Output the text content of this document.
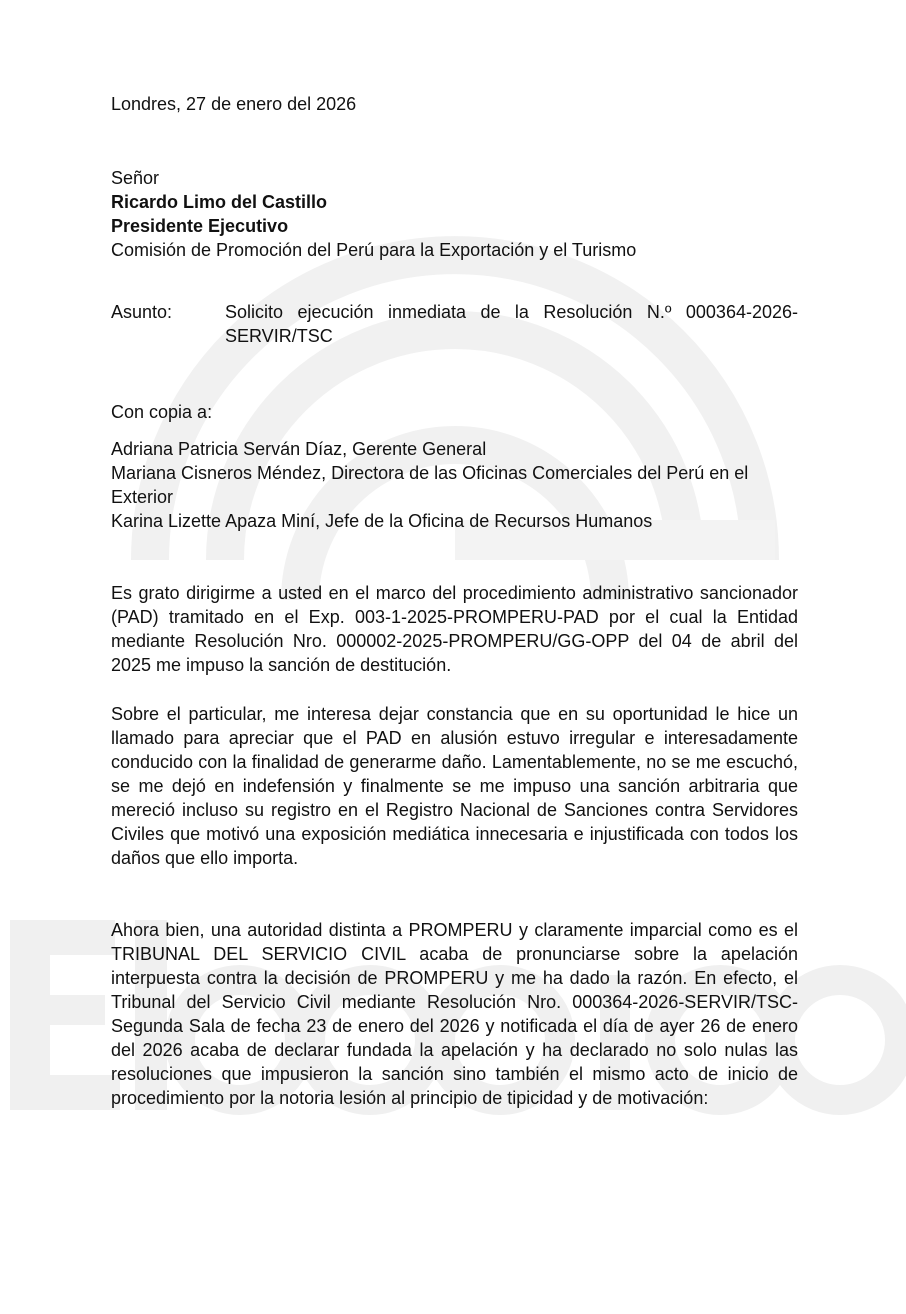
Londres, 27 de enero del 2026
Señor
Ricardo Limo del Castillo
Presidente Ejecutivo
Comisión de Promoción del Perú para la Exportación y el Turismo
Asunto:	Solicito ejecución inmediata de la Resolución N.º 000364-2026-SERVIR/TSC
Con copia a:
Adriana Patricia Serván Díaz, Gerente General
Mariana Cisneros Méndez, Directora de las Oficinas Comerciales del Perú en el Exterior
Karina Lizette Apaza Miní, Jefe de la Oficina de Recursos Humanos
Es grato dirigirme a usted en el marco del procedimiento administrativo sancionador (PAD) tramitado en el Exp. 003-1-2025-PROMPERU-PAD por el cual la Entidad mediante Resolución Nro. 000002-2025-PROMPERU/GG-OPP del 04 de abril del 2025 me impuso la sanción de destitución.
Sobre el particular, me interesa dejar constancia que en su oportunidad le hice un llamado para apreciar que el PAD en alusión estuvo irregular e interesadamente conducido con la finalidad de generarme daño. Lamentablemente, no se me escuchó, se me dejó en indefensión y finalmente se me impuso una sanción arbitraria que mereció incluso su registro en el Registro Nacional de Sanciones contra Servidores Civiles que motivó una exposición mediática innecesaria e injustificada con todos los daños que ello importa.
Ahora bien, una autoridad distinta a PROMPERU y claramente imparcial como es el TRIBUNAL DEL SERVICIO CIVIL acaba de pronunciarse sobre la apelación interpuesta contra la decisión de PROMPERU y me ha dado la razón. En efecto, el Tribunal del Servicio Civil mediante Resolución Nro. 000364-2026-SERVIR/TSC-Segunda Sala de fecha 23 de enero del 2026 y notificada el día de ayer 26 de enero del 2026 acaba de declarar fundada la apelación y ha declarado no solo nulas las resoluciones que impusieron la sanción sino también el mismo acto de inicio de procedimiento por la notoria lesión al principio de tipicidad y de motivación:
